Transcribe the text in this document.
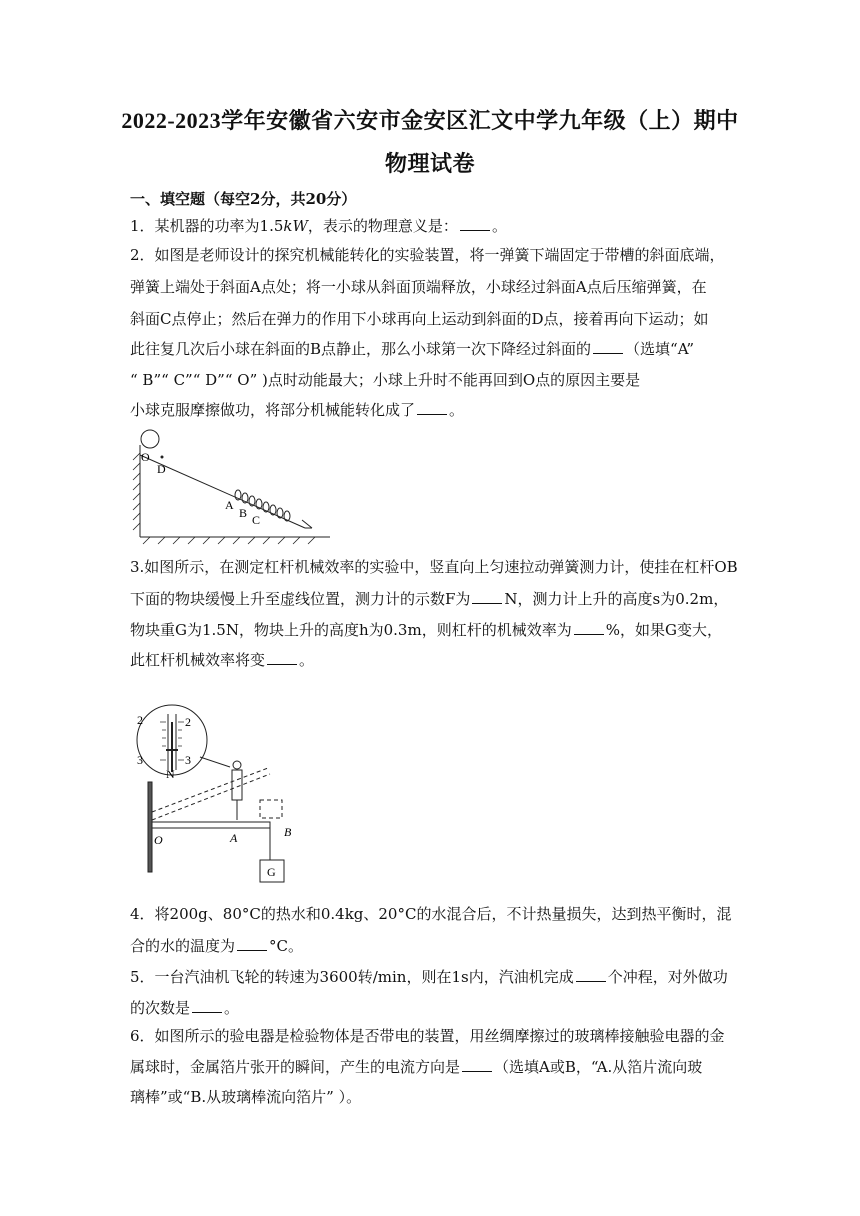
2022-2023学年安徽省六安市金安区汇文中学九年级（上）期中
物理试卷
一、填空题（每空2分，共20分）
1．某机器的功率为1.5kW，表示的物理意义是： 。
2．如图是老师设计的探究机械能转化的实验装置，将一弹簧下端固定于带槽的斜面底端，
弹簧上端处于斜面A点处；将一小球从斜面顶端释放，小球经过斜面A点后压缩弹簧，在
斜面C点停止；然后在弹力的作用下小球再向上运动到斜面的D点，接着再向下运动；如
此往复几次后小球在斜面的B点静止，那么小球第一次下降经过斜面的 （选填“A”
“ B”“ C”“ D”“ O” )点时动能最大；小球上升时不能再回到O点的原因主要是
小球克服摩擦做功，将部分机械能转化成了 。
O
D
A
B C
3.如图所示，在测定杠杆机械效率的实验中，竖直向上匀速拉动弹簧测力计，使挂在杠杆OB
下面的物块缓慢上升至虚线位置，测力计的示数F为 N，测力计上升的高度s为0.2m，
物块重G为1.5N，物块上升的高度h为0.3m，则杠杆的机械效率为 %，如果G变大，
此杠杆机械效率将变 。
2	2
3	3
N
O	A	B
G
4．将200g、80°C的热水和0.4kg、20°C的水混合后，不计热量损失，达到热平衡时，混
合的水的温度为 °C。
5．一台汽油机飞轮的转速为3600转/min，则在1s内，汽油机完成 个冲程，对外做功
的次数是 。
6．如图所示的验电器是检验物体是否带电的装置，用丝绸摩擦过的玻璃棒接触验电器的金
属球时，金属箔片张开的瞬间，产生的电流方向是 （选填A或B，“A.从箔片流向玻
璃棒”或“B.从玻璃棒流向箔片” ）。
